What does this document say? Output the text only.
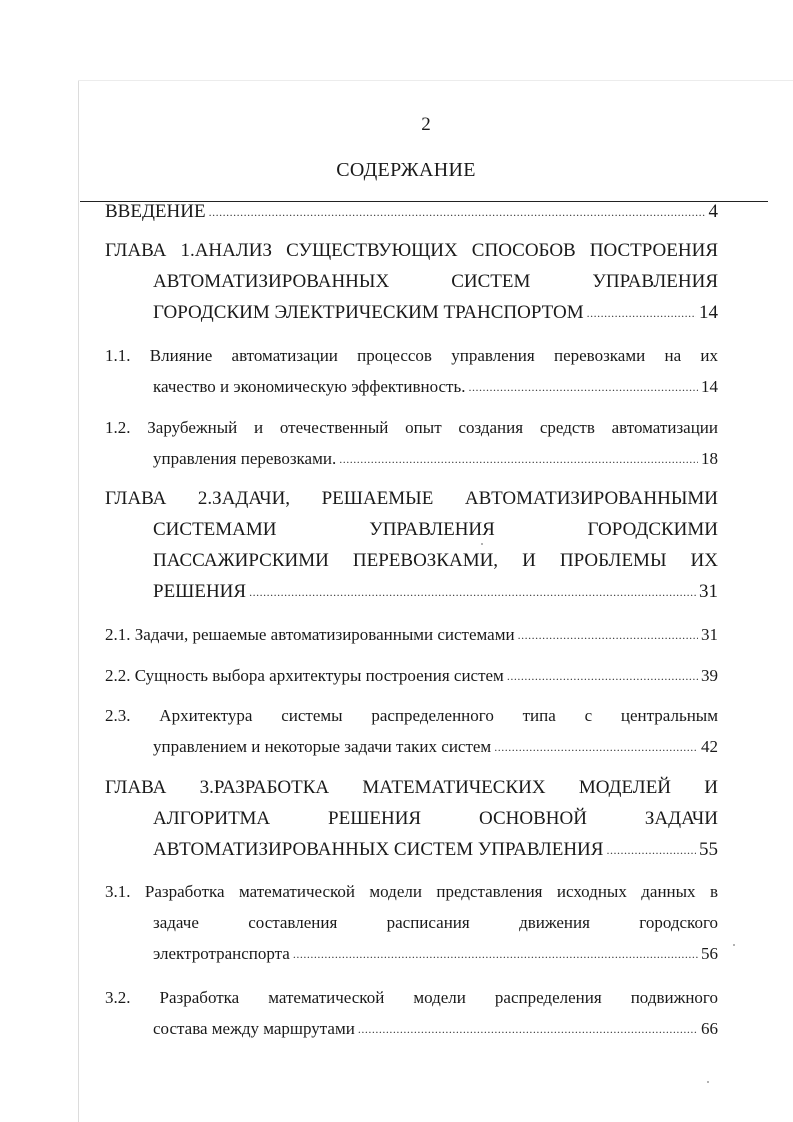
2
СОДЕРЖАНИЕ
ВВЕДЕНИЕ .....	4
ГЛАВА 1.АНАЛИЗ СУЩЕСТВУЮЩИХ СПОСОБОВ ПОСТРОЕНИЯ
АВТОМАТИЗИРОВАННЫХ СИСТЕМ УПРАВЛЕНИЯ
ГОРОДСКИМ ЭЛЕКТРИЧЕСКИМ ТРАНСПОРТОМ .....	14
1.1. Влияние автоматизации процессов управления перевозками на их
качество и экономическую эффективность. .....	14
1.2. Зарубежный и отечественный опыт создания средств автоматизации
управления перевозками. .....	18
ГЛАВА 2.ЗАДАЧИ, РЕШАЕМЫЕ АВТОМАТИЗИРОВАННЫМИ
СИСТЕМАМИ УПРАВЛЕНИЯ ГОРОДСКИМИ
ПАССАЖИРСКИМИ ПЕРЕВОЗКАМИ, И ПРОБЛЕМЫ ИХ
РЕШЕНИЯ .....	31
2.1. Задачи, решаемые автоматизированными системами .....	31
2.2. Сущность выбора архитектуры построения систем .....	39
2.3. Архитектура системы распределенного типа с центральным
управлением и некоторые задачи таких систем .....	42
ГЛАВА 3.РАЗРАБОТКА МАТЕМАТИЧЕСКИХ МОДЕЛЕЙ И
АЛГОРИТМА РЕШЕНИЯ ОСНОВНОЙ ЗАДАЧИ
АВТОМАТИЗИРОВАННЫХ СИСТЕМ УПРАВЛЕНИЯ .....	55
3.1. Разработка математической модели представления исходных данных в
задаче составления расписания движения городского
электротранспорта .....	56
3.2. Разработка математической модели распределения подвижного
состава между маршрутами .....	66
